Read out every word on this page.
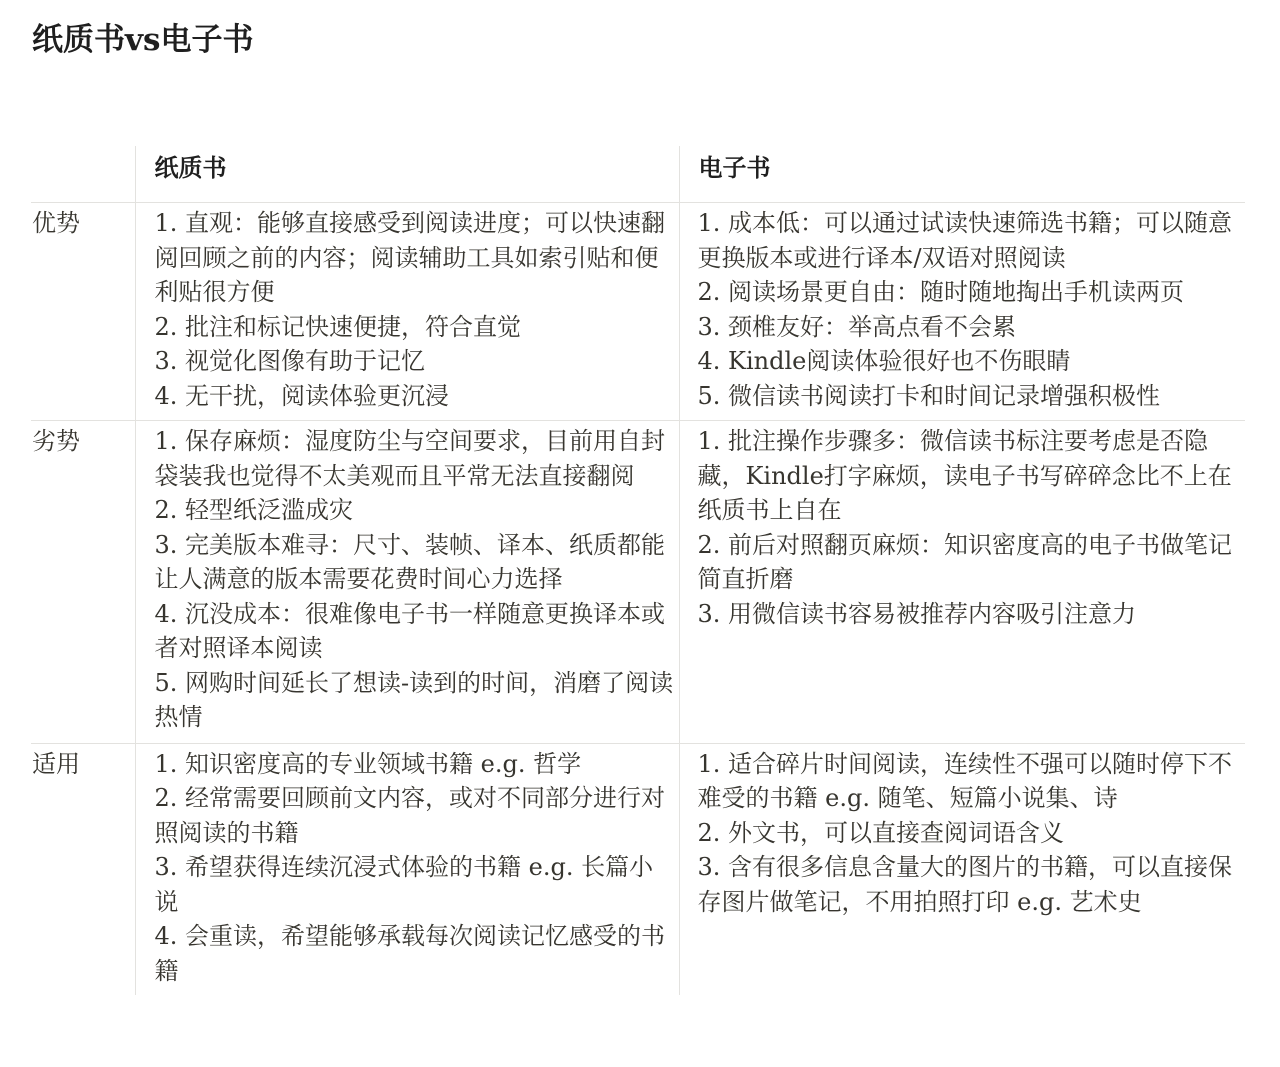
纸质书vs电子书
	纸质书	电子书
优势	1. 直观：能够直接感受到阅读进度；可以快速翻阅回顾之前的内容；阅读辅助工具如索引贴和便利贴很方便
2. 批注和标记快速便捷，符合直觉
3. 视觉化图像有助于记忆
4. 无干扰，阅读体验更沉浸	1. 成本低：可以通过试读快速筛选书籍；可以随意更换版本或进行译本/双语对照阅读
2. 阅读场景更自由：随时随地掏出手机读两页
3. 颈椎友好：举高点看不会累
4. Kindle阅读体验很好也不伤眼睛
5. 微信读书阅读打卡和时间记录增强积极性

劣势	1. 保存麻烦：湿度防尘与空间要求，目前用自封袋装我也觉得不太美观而且平常无法直接翻阅
2. 轻型纸泛滥成灾
3. 完美版本难寻：尺寸、装帧、译本、纸质都能让人满意的版本需要花费时间心力选择
4. 沉没成本：很难像电子书一样随意更换译本或者对照译本阅读
5. 网购时间延长了想读-读到的时间，消磨了阅读热情	1. 批注操作步骤多：微信读书标注要考虑是否隐藏，Kindle打字麻烦，读电子书写碎碎念比不上在纸质书上自在
2. 前后对照翻页麻烦：知识密度高的电子书做笔记简直折磨
3. 用微信读书容易被推荐内容吸引注意力

适用	1. 知识密度高的专业领域书籍 e.g. 哲学
2. 经常需要回顾前文内容，或对不同部分进行对照阅读的书籍
3. 希望获得连续沉浸式体验的书籍 e.g. 长篇小说
4. 会重读，希望能够承载每次阅读记忆感受的书籍	1. 适合碎片时间阅读，连续性不强可以随时停下不难受的书籍 e.g. 随笔、短篇小说集、诗
2. 外文书，可以直接查阅词语含义
3. 含有很多信息含量大的图片的书籍，可以直接保存图片做笔记，不用拍照打印 e.g. 艺术史
